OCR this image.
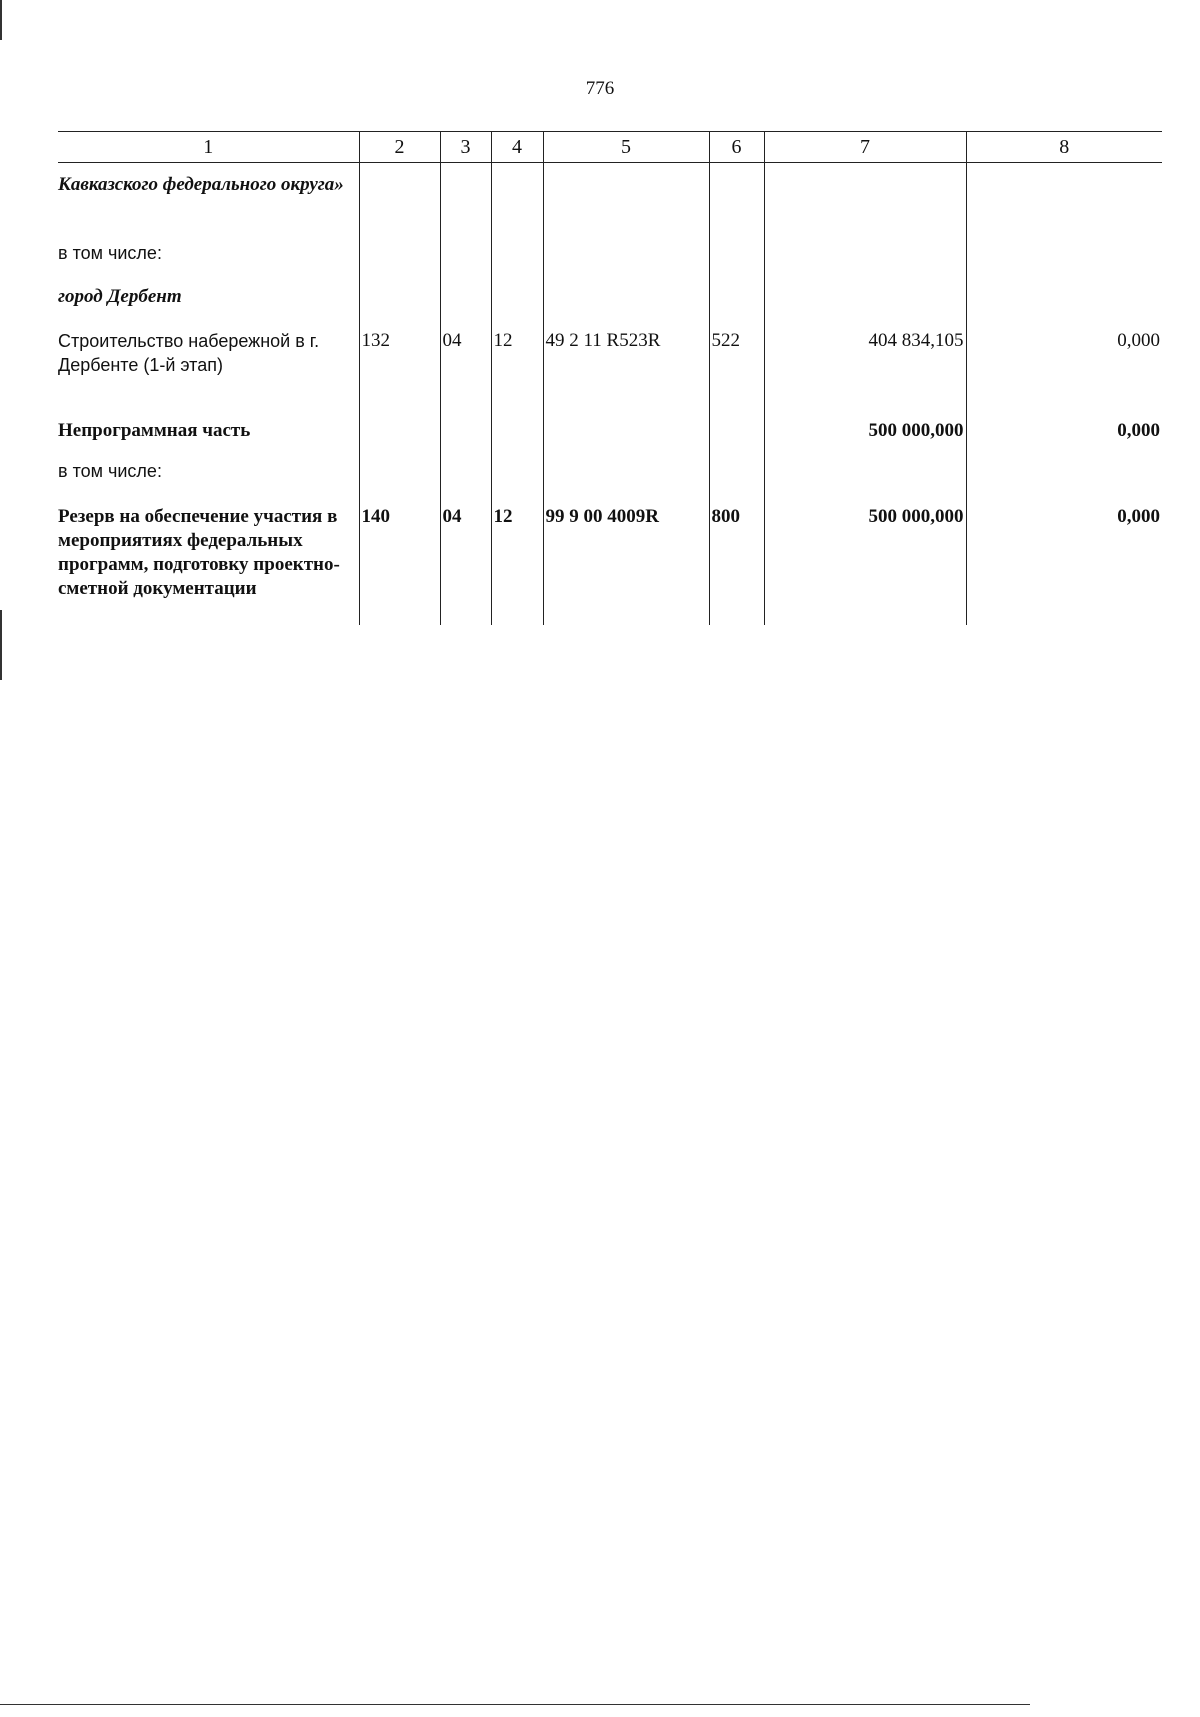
776
1	2	3	4	5	6	7	8
Кавказского федерального округа»							
в том числе:							
город Дербент							
Строительство набережной в г. Дербенте (1-й этап)	132	04	12	49 2 11 R523R	522	404 834,105	0,000
Непрограммная часть						500 000,000	0,000
в том числе:							
Резерв на обеспечение участия в мероприятиях федеральных программ, подготовку проектно-сметной документации	140	04	12	99 9 00 4009R	800	500 000,000	0,000
